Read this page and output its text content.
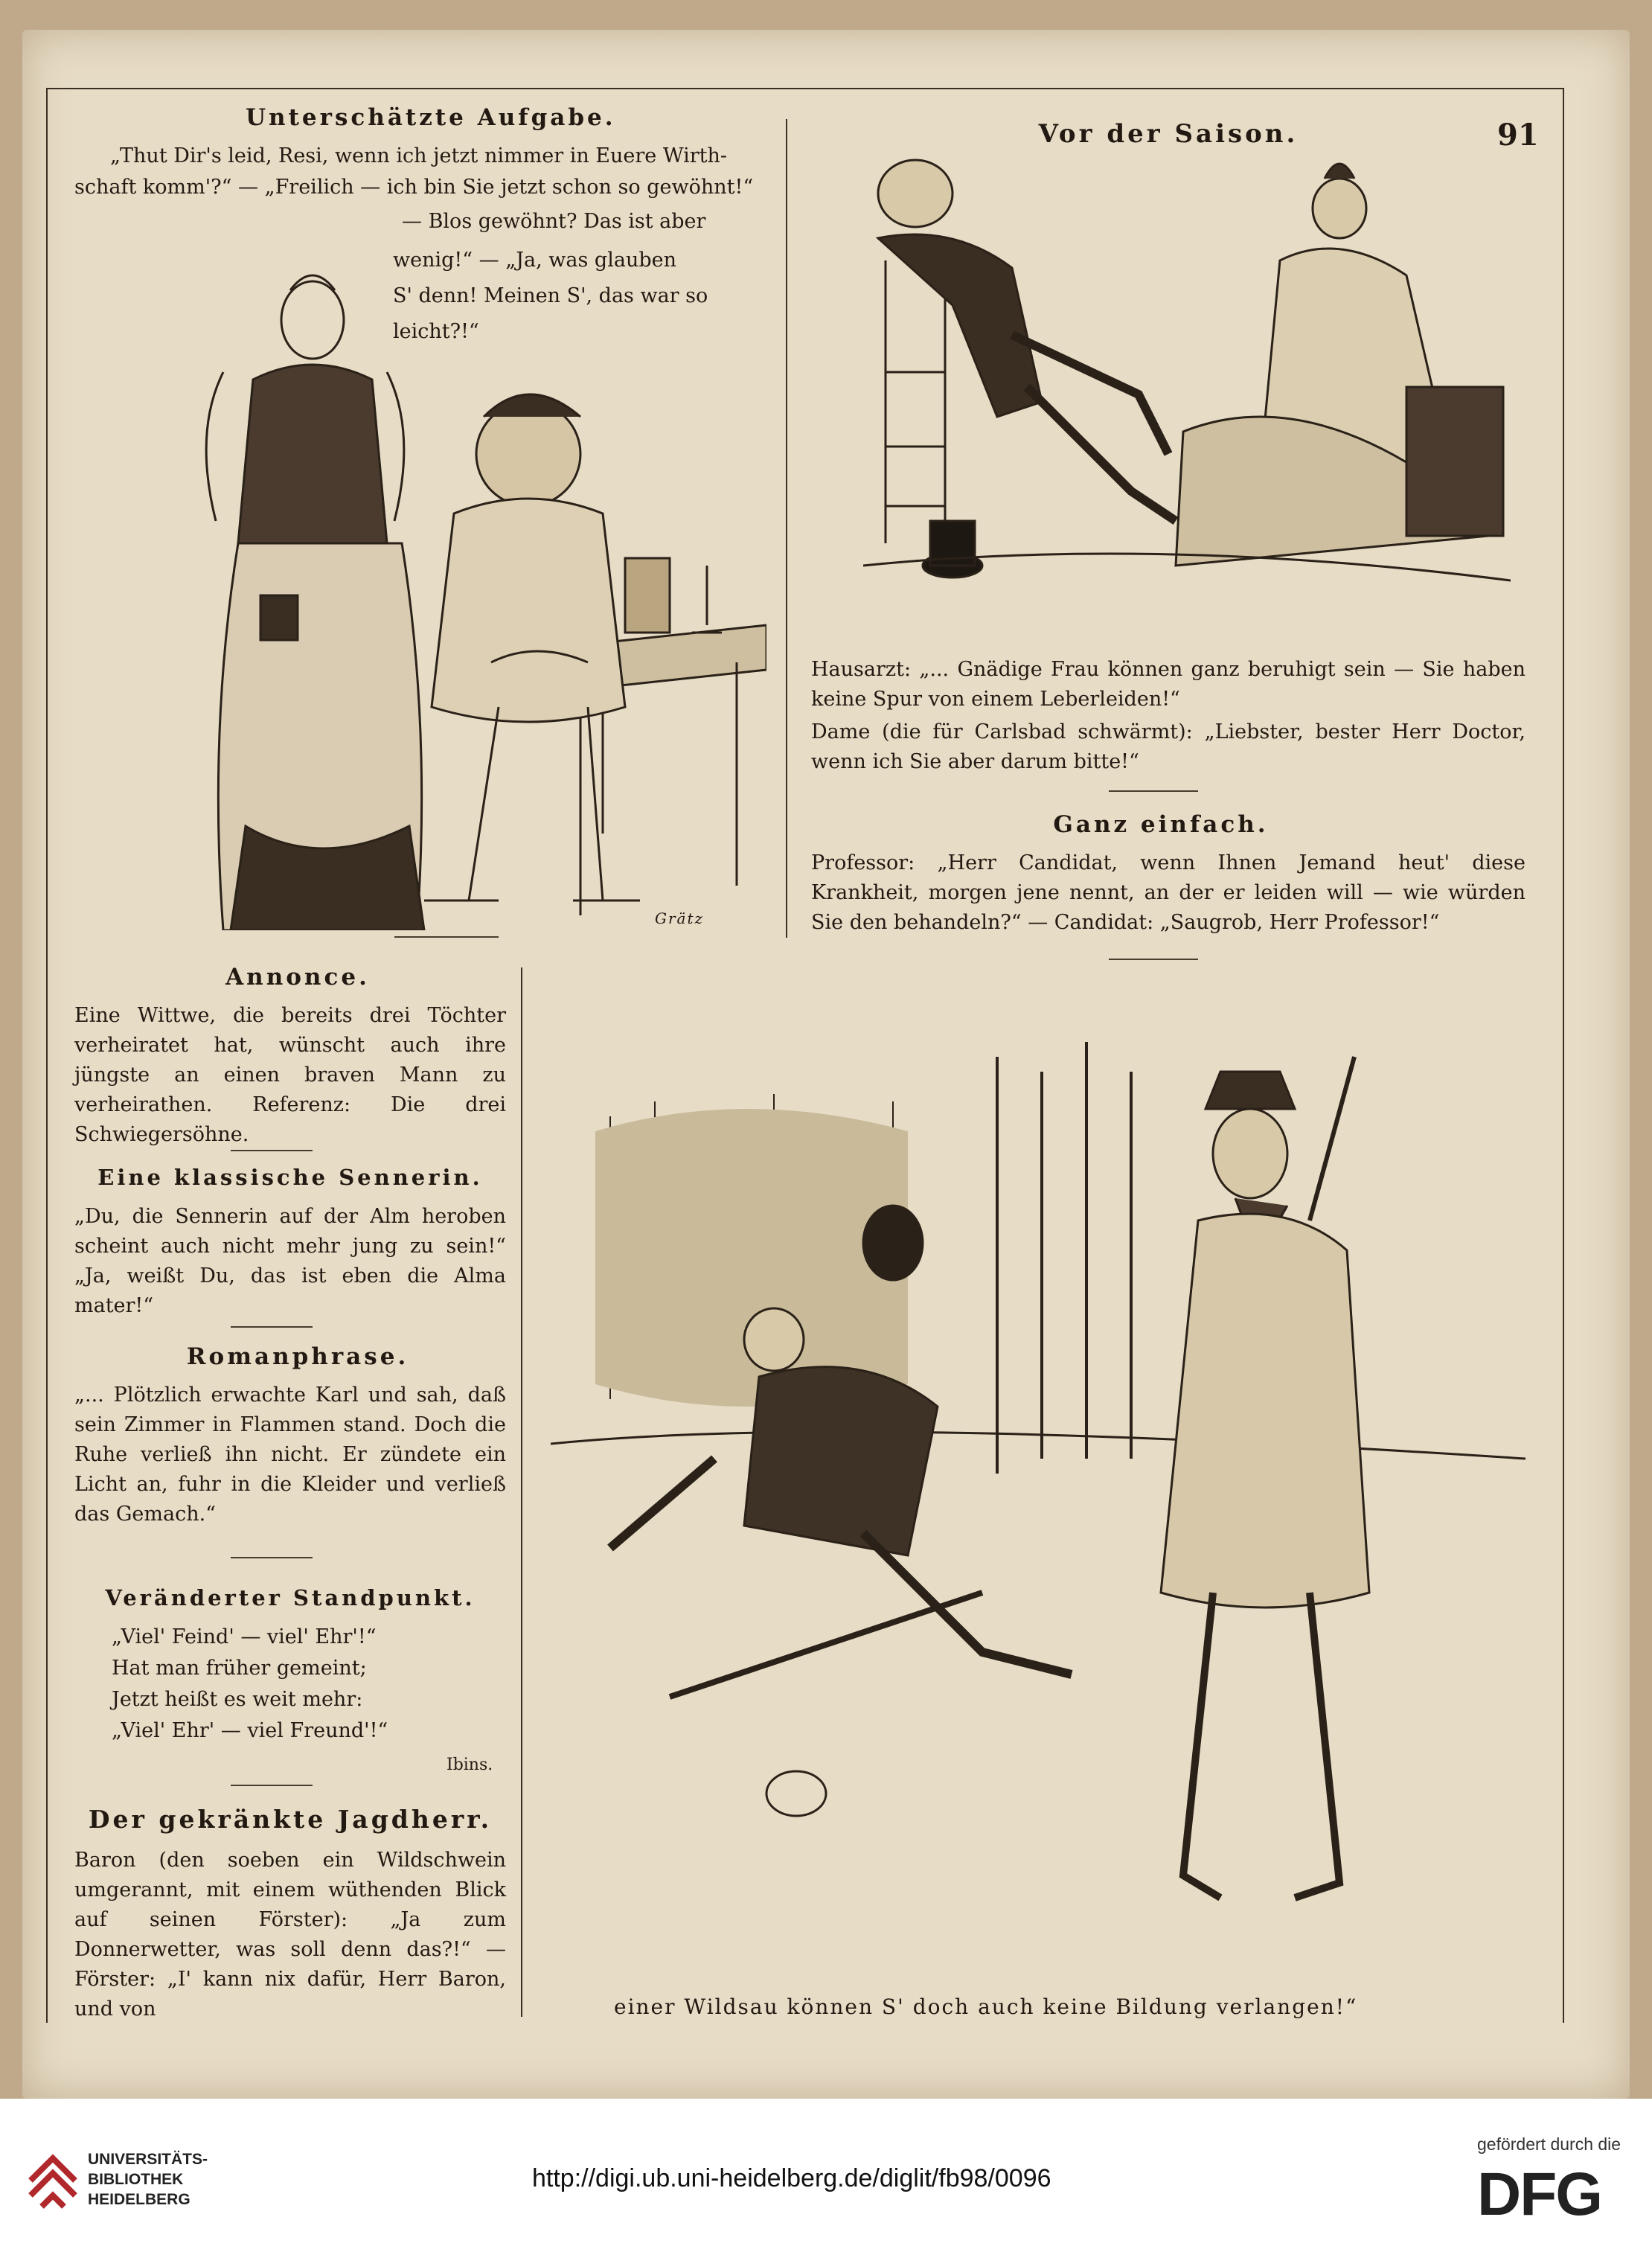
91
Unterschätzte Aufgabe.
„Thut Dir's leid, Resi, wenn ich jetzt nimmer in Euere Wirth-
schaft komm'?“ — „Freilich — ich bin Sie jetzt schon so gewöhnt!“
— Blos gewöhnt? Das ist aber
wenig!“ — „Ja, was glauben
S' denn! Meinen S', das war so
leicht?!“
Grätz
Annonce.
Eine Wittwe, die bereits drei Töchter verheiratet hat, wünscht auch ihre jüngste an einen braven Mann zu verheirathen. Referenz: Die drei Schwiegersöhne.
Eine klassische Sennerin.
„Du, die Sennerin auf der Alm heroben scheint auch nicht mehr jung zu sein!“ „Ja, weißt Du, das ist eben die Alma mater!“
Romanphrase.
„... Plötzlich erwachte Karl und sah, daß sein Zimmer in Flammen stand. Doch die Ruhe verließ ihn nicht. Er zündete ein Licht an, fuhr in die Kleider und verließ das Gemach.“
Veränderter Standpunkt.
„Viel' Feind' — viel' Ehr'!“
Hat man früher gemeint;
Jetzt heißt es weit mehr:
„Viel' Ehr' — viel Freund'!“
Ibins.
Der gekränkte Jagdherr.
Baron (den soeben ein Wildschwein umgerannt, mit einem wüthenden Blick auf seinen Förster): „Ja zum Donnerwetter, was soll denn das?!“ — Förster: „I' kann nix dafür, Herr Baron, und von
Vor der Saison.
Hausarzt: „... Gnädige Frau können ganz beruhigt sein — Sie haben keine Spur von einem Leberleiden!“
Dame (die für Carlsbad schwärmt): „Liebster, bester Herr Doctor, wenn ich Sie aber darum bitte!“
Ganz einfach.
Professor: „Herr Candidat, wenn Ihnen Jemand heut' diese Krankheit, morgen jene nennt, an der er leiden will — wie würden Sie den behandeln?“ — Candidat: „Saugrob, Herr Professor!“
einer Wildsau können S' doch auch keine Bildung verlangen!“
UNIVERSITÄTS-
BIBLIOTHEK
HEIDELBERG
http://digi.ub.uni-heidelberg.de/diglit/fb98/0096
gefördert durch die
DFG
